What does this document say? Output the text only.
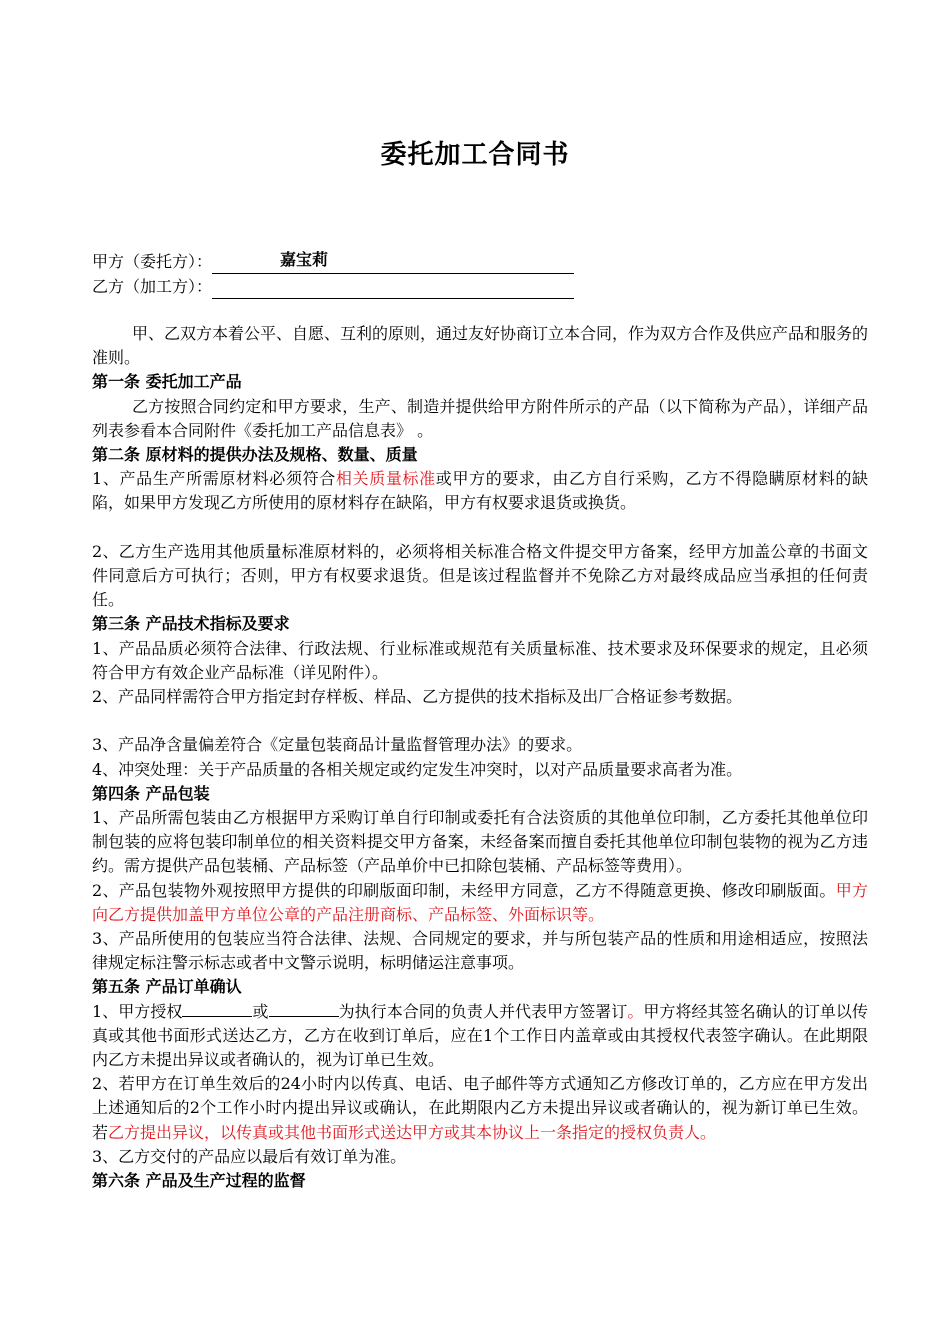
委托加工合同书
甲方（委托方）：	嘉宝莉
乙方（加工方）：

甲、乙双方本着公平、自愿、互利的原则，通过友好协商订立本合同，作为双方合作及供应产品和服务的准则。

第一条 委托加工产品

乙方按照合同约定和甲方要求，生产、制造并提供给甲方附件所示的产品（以下简称为产品），详细产品列表参看本合同附件《委托加工产品信息表》 。

第二条 原材料的提供办法及规格、数量、质量

1、产品生产所需原材料必须符合相关质量标准或甲方的要求，由乙方自行采购，乙方不得隐瞒原材料的缺陷，如果甲方发现乙方所使用的原材料存在缺陷，甲方有权要求退货或换货。

2、乙方生产选用其他质量标准原材料的，必须将相关标准合格文件提交甲方备案，经甲方加盖公章的书面文件同意后方可执行；否则，甲方有权要求退货。但是该过程监督并不免除乙方对最终成品应当承担的任何责任。

第三条 产品技术指标及要求

1、产品品质必须符合法律、行政法规、行业标准或规范有关质量标准、技术要求及环保要求的规定，且必须符合甲方有效企业产品标准（详见附件）。

2、产品同样需符合甲方指定封存样板、样品、乙方提供的技术指标及出厂合格证参考数据。

3、产品净含量偏差符合《定量包装商品计量监督管理办法》的要求。

4、冲突处理：关于产品质量的各相关规定或约定发生冲突时，以对产品质量要求高者为准。

第四条 产品包装

1、产品所需包装由乙方根据甲方采购订单自行印制或委托有合法资质的其他单位印制，乙方委托其他单位印制包装的应将包装印制单位的相关资料提交甲方备案，未经备案而擅自委托其他单位印制包装物的视为乙方违约。需方提供产品包装桶、产品标签（产品单价中已扣除包装桶、产品标签等费用）。

2、产品包装物外观按照甲方提供的印刷版面印制，未经甲方同意，乙方不得随意更换、修改印刷版面。甲方向乙方提供加盖甲方单位公章的产品注册商标、产品标签、外面标识等。

3、产品所使用的包装应当符合法律、法规、合同规定的要求，并与所包装产品的性质和用途相适应，按照法律规定标注警示标志或者中文警示说明，标明储运注意事项。

第五条 产品订单确认

1、甲方授权	或	为执行本合同的负责人并代表甲方签署订。甲方将经其签名确认的订单以传真或其他书面形式送达乙方，乙方在收到订单后，应在1个工作日内盖章或由其授权代表签字确认。在此期限内乙方未提出异议或者确认的，视为订单已生效。

2、若甲方在订单生效后的24小时内以传真、电话、电子邮件等方式通知乙方修改订单的，乙方应在甲方发出上述通知后的2个工作小时内提出异议或确认，在此期限内乙方未提出异议或者确认的，视为新订单已生效。若乙方提出异议，以传真或其他书面形式送达甲方或其本协议上一条指定的授权负责人。

3、乙方交付的产品应以最后有效订单为准。

第六条 产品及生产过程的监督
